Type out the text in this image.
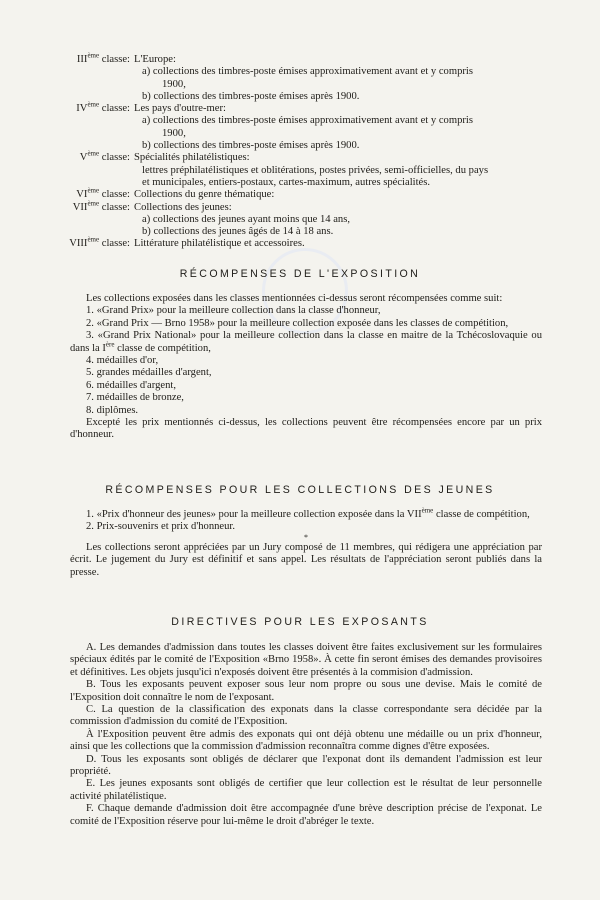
IIIème classe: L'Europe:
a) collections des timbres-poste émises approximativement avant et y compris
1900,
b) collections des timbres-poste émises après 1900.
IVème classe: Les pays d'outre-mer:
a) collections des timbres-poste émises approximativement avant et y compris
1900,
b) collections des timbres-poste émises après 1900.
Vème classe: Spécialités philatélistiques:
lettres préphilatélistiques et oblitérations, postes privées, semi-officielles, du pays
et municipales, entiers-postaux, cartes-maximum, autres spécialités.
VIème classe: Collections du genre thématique:
VIIème classe: Collections des jeunes:
a) collections des jeunes ayant moins que 14 ans,
b) collections des jeunes âgés de 14 à 18 ans.
VIIIème classe: Littérature philatélistique et accessoires.
RÉCOMPENSES DE L'EXPOSITION

Les collections exposées dans les classes mentionnées ci-dessus seront récompensées comme suit:

1. «Grand Prix» pour la meilleure collection dans la classe d'honneur,

2. «Grand Prix — Brno 1958» pour la meilleure collection exposée dans les classes de compétition,

3. «Grand Prix National» pour la meilleure collection dans la classe en maitre de la Tchécoslovaquie ou dans la Ière classe de compétition,

4. médailles d'or,

5. grandes médailles d'argent,

6. médailles d'argent,

7. médailles de bronze,

8. diplômes.

Excepté les prix mentionnés ci-dessus, les collections peuvent être récompensées encore par un prix d'honneur.

RÉCOMPENSES POUR LES COLLECTIONS DES JEUNES

1. «Prix d'honneur des jeunes» pour la meilleure collection exposée dans la VIIème classe de compétition,

2. Prix-souvenirs et prix d'honneur.

*

Les collections seront appréciées par un Jury composé de 11 membres, qui rédigera une appréciation par écrit. Le jugement du Jury est définitif et sans appel. Les résultats de l'appréciation seront publiés dans la presse.

DIRECTIVES POUR LES EXPOSANTS

A. Les demandes d'admission dans toutes les classes doivent être faites exclusivement sur les formulaires spéciaux édités par le comité de l'Exposition «Brno 1958». À cette fin seront émises des demandes provisoires et définitives. Les objets jusqu'ici n'exposés doivent être présentés à la commision d'admission.

B. Tous les exposants peuvent exposer sous leur nom propre ou sous une devise. Mais le comité de l'Exposition doit connaître le nom de l'exposant.

C. La question de la classification des exponats dans la classe correspondante sera décidée par la commission d'admission du comité de l'Exposition.

À l'Exposition peuvent être admis des exponats qui ont déjà obtenu une médaille ou un prix d'honneur, ainsi que les collections que la commission d'admission reconnaîtra comme dignes d'être exposées.

D. Tous les exposants sont obligés de déclarer que l'exponat dont ils demandent l'admission est leur propriété.

E. Les jeunes exposants sont obligés de certifier que leur collection est le résultat de leur personnelle activité philatélistique.

F. Chaque demande d'admission doit être accompagnée d'une brève description précise de l'exponat. Le comité de l'Exposition réserve pour lui-même le droit d'abréger le texte.
